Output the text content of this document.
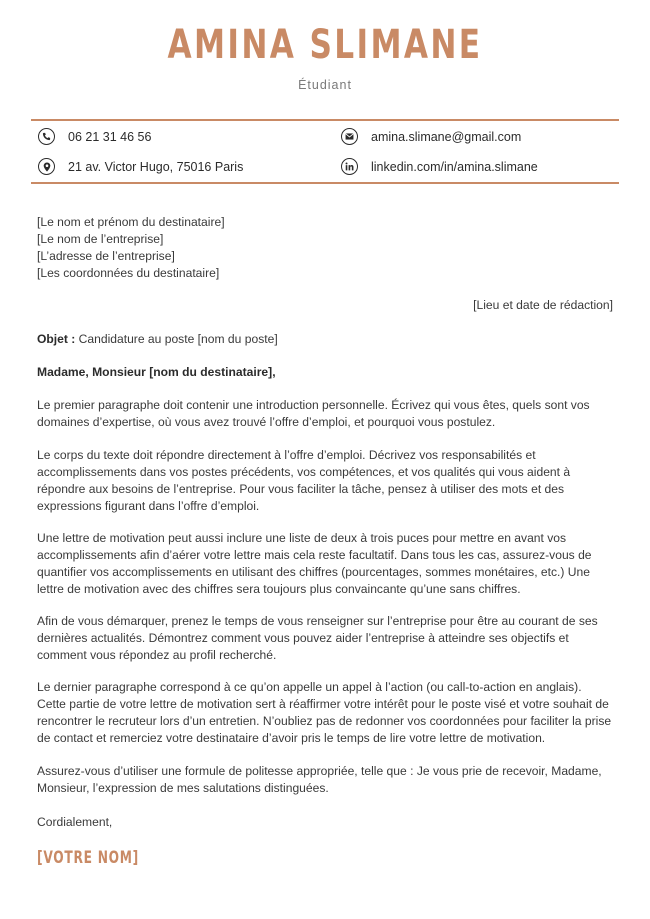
AMINA SLIMANE
Étudiant
06 21 31 46 56	amina.slimane@gmail.com
21 av. Victor Hugo, 75016 Paris	linkedin.com/in/amina.slimane

[Le nom et prénom du destinataire]

[Le nom de l’entreprise]

[L’adresse de l’entreprise]

[Les coordonnées du destinataire]

[Lieu et date de rédaction]
Objet : Candidature au poste [nom du poste]
Madame, Monsieur [nom du destinataire],
Le premier paragraphe doit contenir une introduction personnelle. Écrivez qui vous êtes, quels sont vos domaines d’expertise, où vous avez trouvé l’offre d’emploi, et pourquoi vous postulez.
Le corps du texte doit répondre directement à l’offre d’emploi. Décrivez vos responsabilités et accomplissements dans vos postes précédents, vos compétences, et vos qualités qui vous aident à répondre aux besoins de l’entreprise. Pour vous faciliter la tâche, pensez à utiliser des mots et des expressions figurant dans l’offre d’emploi.
Une lettre de motivation peut aussi inclure une liste de deux à trois puces pour mettre en avant vos accomplissements afin d’aérer votre lettre mais cela reste facultatif. Dans tous les cas, assurez-vous de quantifier vos accomplissements en utilisant des chiffres (pourcentages, sommes monétaires, etc.) Une lettre de motivation avec des chiffres sera toujours plus convaincante qu’une sans chiffres.
Afin de vous démarquer, prenez le temps de vous renseigner sur l’entreprise pour être au courant de ses dernières actualités. Démontrez comment vous pouvez aider l’entreprise à atteindre ses objectifs et comment vous répondez au profil recherché.
Le dernier paragraphe correspond à ce qu’on appelle un appel à l’action (ou call-to-action en anglais). Cette partie de votre lettre de motivation sert à réaffirmer votre intérêt pour le poste visé et votre souhait de rencontrer le recruteur lors d’un entretien. N’oubliez pas de redonner vos coordonnées pour faciliter la prise de contact et remerciez votre destinataire d’avoir pris le temps de lire votre lettre de motivation.
Assurez-vous d’utiliser une formule de politesse appropriée, telle que : Je vous prie de recevoir, Madame, Monsieur, l’expression de mes salutations distinguées.
Cordialement,
[VOTRE NOM]
